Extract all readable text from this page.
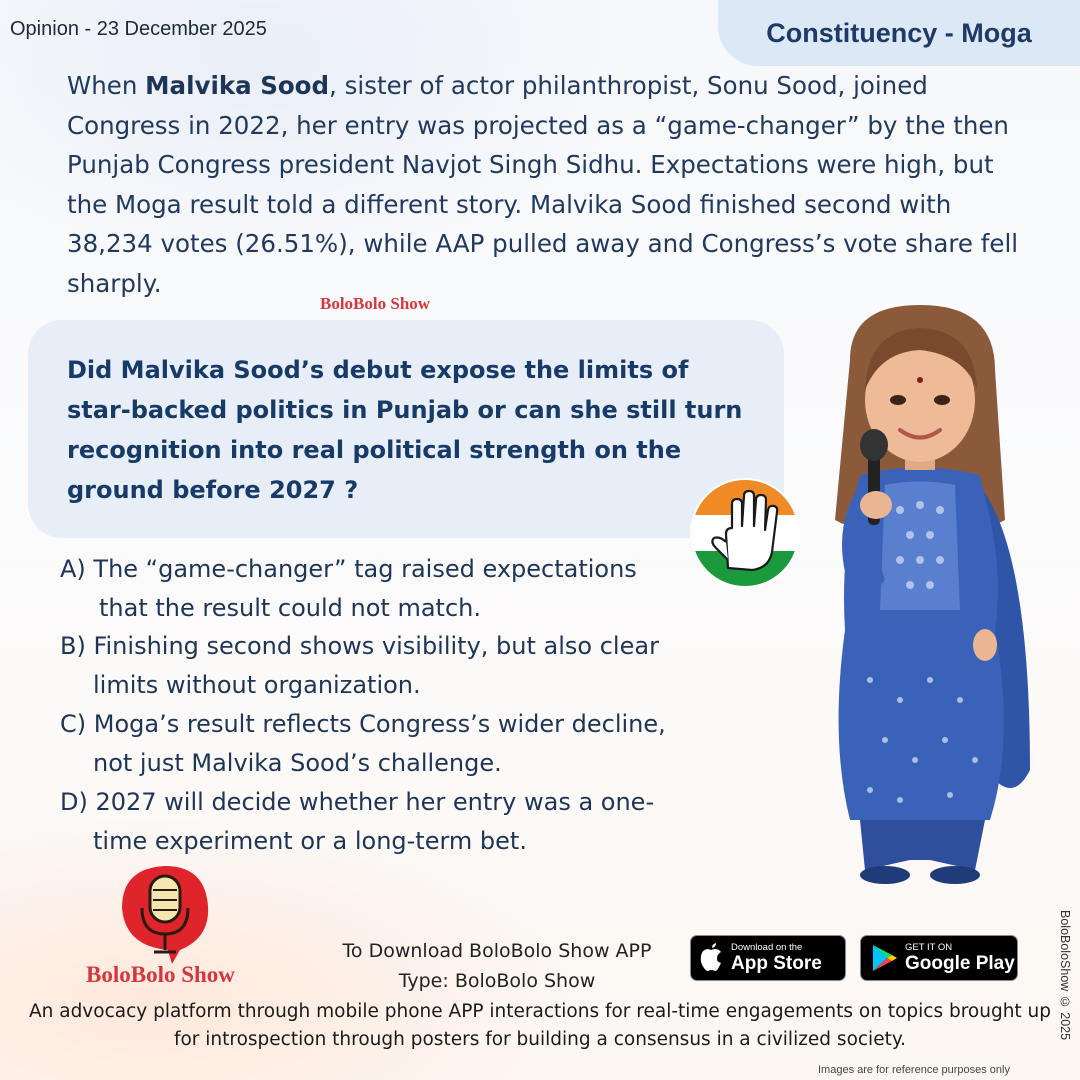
Opinion - 23 December 2025	Constituency - Moga
When Malvika Sood, sister of actor philanthropist, Sonu Sood, joined Congress in 2022, her entry was projected as a “game-changer” by the then Punjab Congress president Navjot Singh Sidhu. Expectations were high, but the Moga result told a different story. Malvika Sood finished second with 38,234 votes (26.51%), while AAP pulled away and Congress’s vote share fell sharply.
BoloBolo Show
Did Malvika Sood’s debut expose the limits of star-backed politics in Punjab or can she still turn recognition into real political strength on the ground before 2027 ?
A) The “game-changer” tag raised expectations
that the result could not match.
B) Finishing second shows visibility, but also clear
limits without organization.
C) Moga’s result reflects Congress’s wider decline,
not just Malvika Sood’s challenge.
D) 2027 will decide whether her entry was a one-
time experiment or a long-term bet.
BoloBolo Show
To Download BoloBolo Show APP
Type: BoloBolo Show
Download on the
App Store
GET IT ON
Google Play
An advocacy platform through mobile phone APP interactions for real-time engagements on topics brought up for introspection through posters for building a consensus in a civilized society.	BoloBoloShow © 2025
Images are for reference purposes only
